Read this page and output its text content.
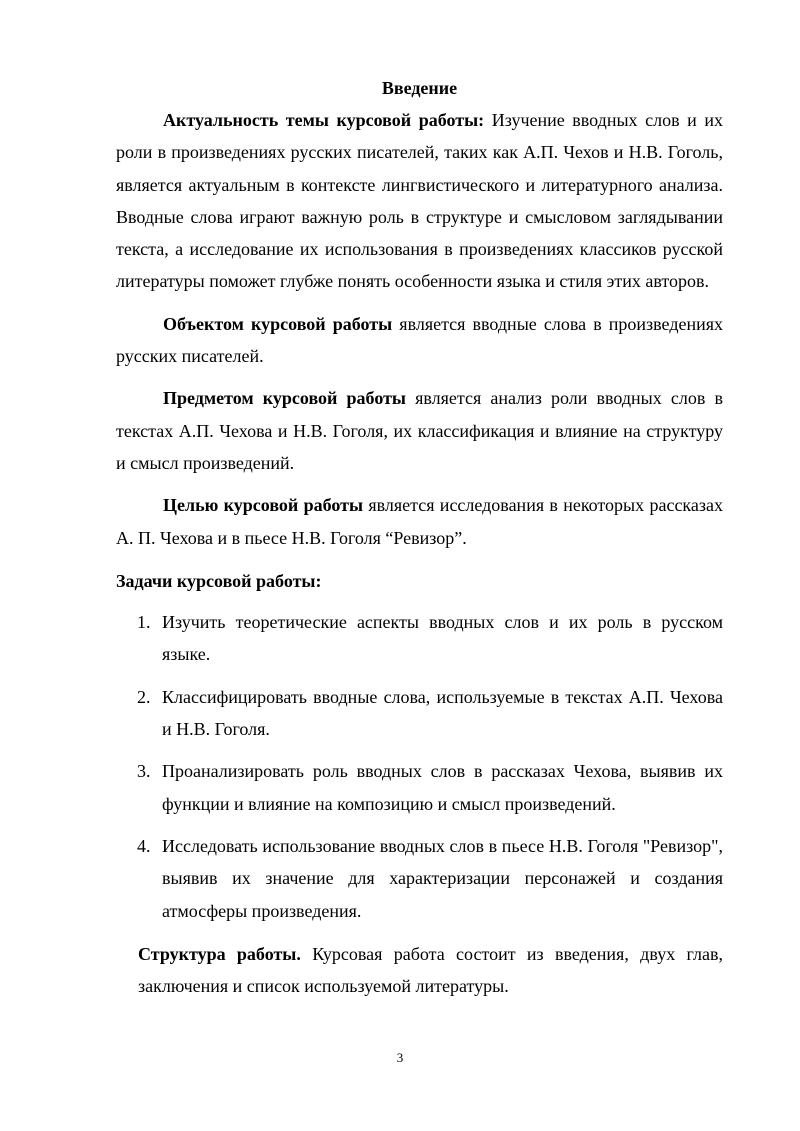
Введение

Актуальность темы курсовой работы: Изучение вводных слов и их роли в произведениях русских писателей, таких как А.П. Чехов и Н.В. Гоголь, является актуальным в контексте лингвистического и литературного анализа. Вводные слова играют важную роль в структуре и смысловом заглядывании текста, а исследование их использования в произведениях классиков русской литературы поможет глубже понять особенности языка и стиля этих авторов.

Объектом курсовой работы является вводные слова в произведениях русских писателей.

Предметом курсовой работы является анализ роли вводных слов в текстах А.П. Чехова и Н.В. Гоголя, их классификация и влияние на структуру и смысл произведений.

Целью курсовой работы является исследования в некоторых рассказах А. П. Чехова и в пьесе Н.В. Гоголя “Ревизор”.

Задачи курсовой работы:
1. Изучить теоретические аспекты вводных слов и их роль в русском языке.
2. Классифицировать вводные слова, используемые в текстах А.П. Чехова и Н.В. Гоголя.
3. Проанализировать роль вводных слов в рассказах Чехова, выявив их функции и влияние на композицию и смысл произведений.
4. Исследовать использование вводных слов в пьесе Н.В. Гоголя "Ревизор", выявив их значение для характеризации персонажей и создания атмосферы произведения.

Структура работы. Курсовая работа состоит из введения, двух глав, заключения и список используемой литературы.

3
